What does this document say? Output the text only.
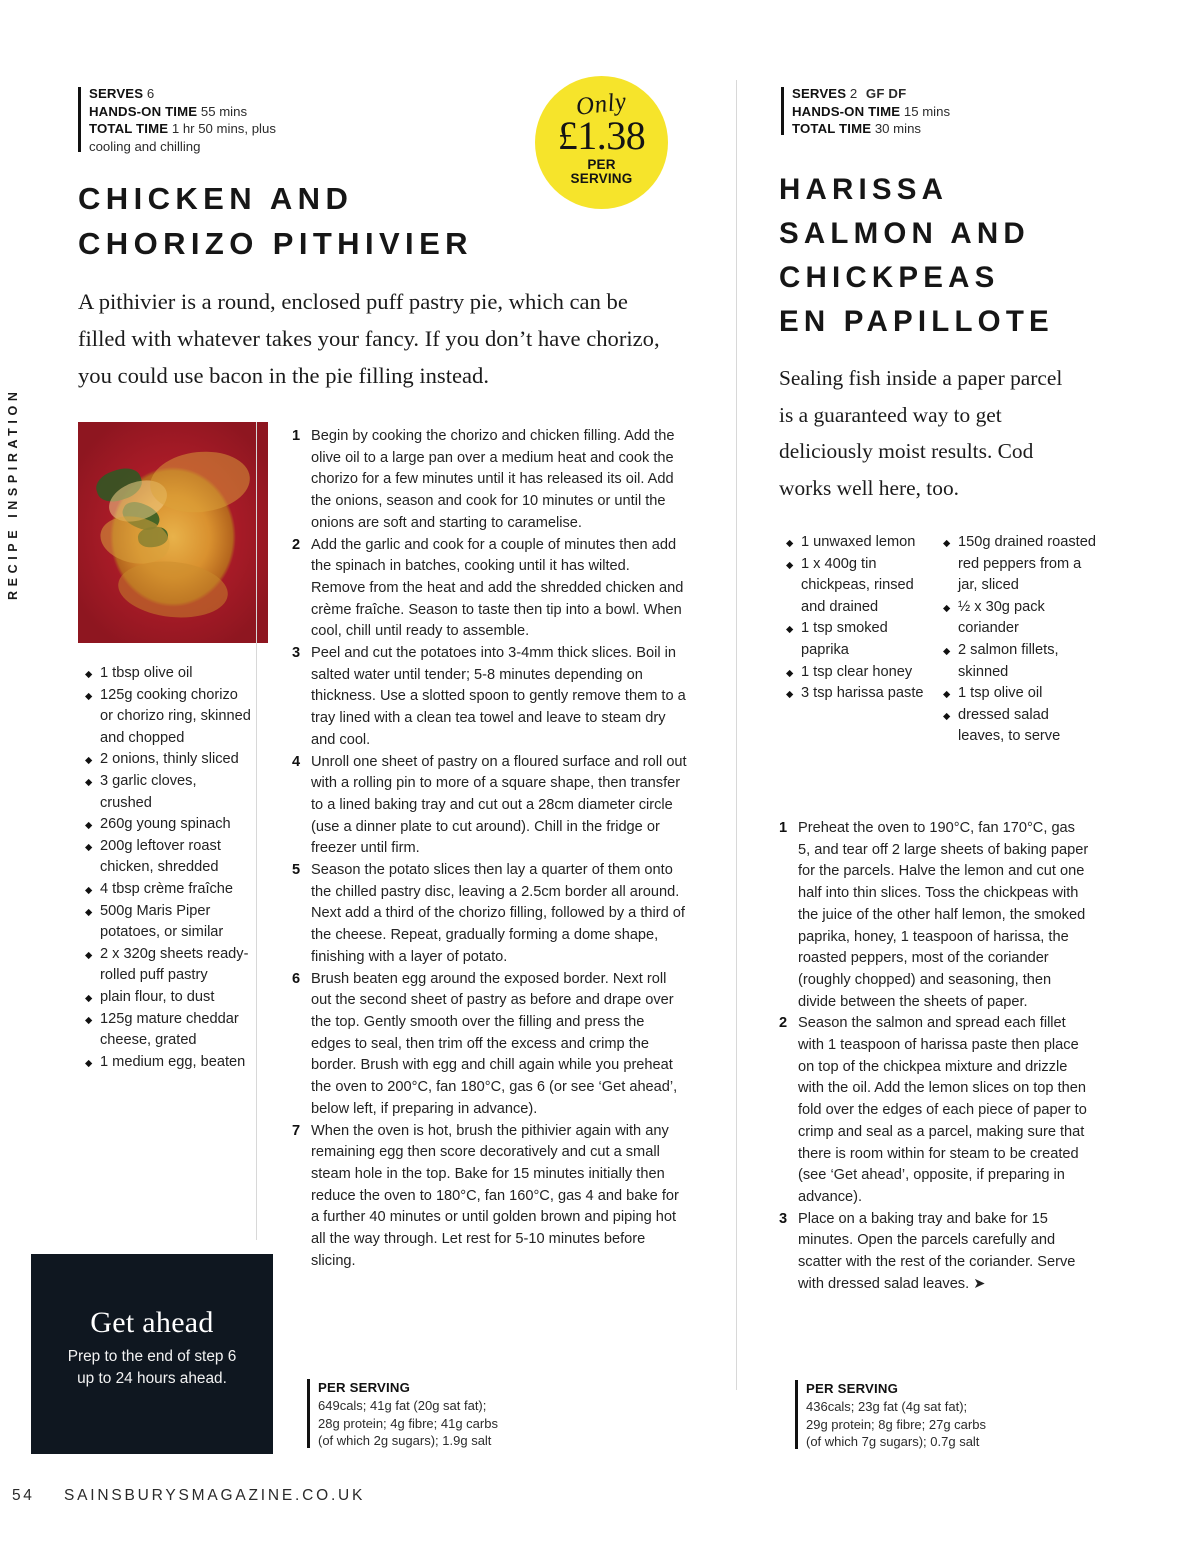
RECIPE INSPIRATION
SERVES 6
HANDS-ON TIME 55 mins
TOTAL TIME 1 hr 50 mins, plus
cooling and chilling
Only
£1.38
PER
SERVING
CHICKEN AND
CHORIZO PITHIVIER
A pithivier is a round, enclosed puff pastry pie, which can be filled with whatever takes your fancy. If you don’t have chorizo, you could use bacon in the pie filling instead.
◆ 1 tbsp olive oil
◆ 125g cooking chorizo or chorizo ring, skinned and chopped
◆ 2 onions, thinly sliced
◆ 3 garlic cloves, crushed
◆ 260g young spinach
◆ 200g leftover roast chicken, shredded
◆ 4 tbsp crème fraîche
◆ 500g Maris Piper potatoes, or similar
◆ 2 x 320g sheets ready-rolled puff pastry
◆ plain flour, to dust
◆ 125g mature cheddar cheese, grated
◆ 1 medium egg, beaten
Begin by cooking the chorizo and chicken filling. Add the olive oil to a large pan over a medium heat and cook the chorizo for a few minutes until it has released its oil. Add the onions, season and cook for 10 minutes or until the onions are soft and starting to caramelise.
Add the garlic and cook for a couple of minutes then add the spinach in batches, cooking until it has wilted. Remove from the heat and add the shredded chicken and crème fraîche. Season to taste then tip into a bowl. When cool, chill until ready to assemble.
Peel and cut the potatoes into 3-4mm thick slices. Boil in salted water until tender; 5-8 minutes depending on thickness. Use a slotted spoon to gently remove them to a tray lined with a clean tea towel and leave to steam dry and cool.
Unroll one sheet of pastry on a floured surface and roll out with a rolling pin to more of a square shape, then transfer to a lined baking tray and cut out a 28cm diameter circle (use a dinner plate to cut around). Chill in the fridge or freezer until firm.
Season the potato slices then lay a quarter of them onto the chilled pastry disc, leaving a 2.5cm border all around. Next add a third of the chorizo filling, followed by a third of the cheese. Repeat, gradually forming a dome shape, finishing with a layer of potato.
Brush beaten egg around the exposed border. Next roll out the second sheet of pastry as before and drape over the top. Gently smooth over the filling and press the edges to seal, then trim off the excess and crimp the border. Brush with egg and chill again while you preheat the oven to 200°C, fan 180°C, gas 6 (or see ‘Get ahead’, below left, if preparing in advance).
When the oven is hot, brush the pithivier again with any remaining egg then score decoratively and cut a small steam hole in the top. Bake for 15 minutes initially then reduce the oven to 180°C, fan 160°C, gas 4 and bake for a further 40 minutes or until golden brown and piping hot all the way through. Let rest for 5-10 minutes before slicing.
PER SERVING
649cals; 41g fat (20g sat fat);
28g protein; 4g fibre; 41g carbs
(of which 2g sugars); 1.9g salt
Get ahead
Prep to the end of step 6
up to 24 hours ahead.
SERVES 2 GF DF
HANDS-ON TIME 15 mins
TOTAL TIME 30 mins
HARISSA
SALMON AND
CHICKPEAS
EN PAPILLOTE
Sealing fish inside a paper parcel is a guaranteed way to get deliciously moist results. Cod works well here, too.
◆ 1 unwaxed lemon
◆ 1 x 400g tin chickpeas, rinsed and drained
◆ 1 tsp smoked paprika
◆ 1 tsp clear honey
◆ 3 tsp harissa paste
◆ 150g drained roasted red peppers from a jar, sliced
◆ ½ x 30g pack coriander
◆ 2 salmon fillets, skinned
◆ 1 tsp olive oil
◆ dressed salad leaves, to serve
Preheat the oven to 190°C, fan 170°C, gas 5, and tear off 2 large sheets of baking paper for the parcels. Halve the lemon and cut one half into thin slices. Toss the chickpeas with the juice of the other half lemon, the smoked paprika, honey, 1 teaspoon of harissa, the roasted peppers, most of the coriander (roughly chopped) and seasoning, then divide between the sheets of paper.
Season the salmon and spread each fillet with 1 teaspoon of harissa paste then place on top of the chickpea mixture and drizzle with the oil. Add the lemon slices on top then fold over the edges of each piece of paper to crimp and seal as a parcel, making sure that there is room within for steam to be created (see ‘Get ahead’, opposite, if preparing in advance).
Place on a baking tray and bake for 15 minutes. Open the parcels carefully and scatter with the rest of the coriander. Serve with dressed salad leaves. ➤
PER SERVING
436cals; 23g fat (4g sat fat);
29g protein; 8g fibre; 27g carbs
(of which 7g sugars); 0.7g salt
54 SAINSBURYSMAGAZINE.CO.UK
